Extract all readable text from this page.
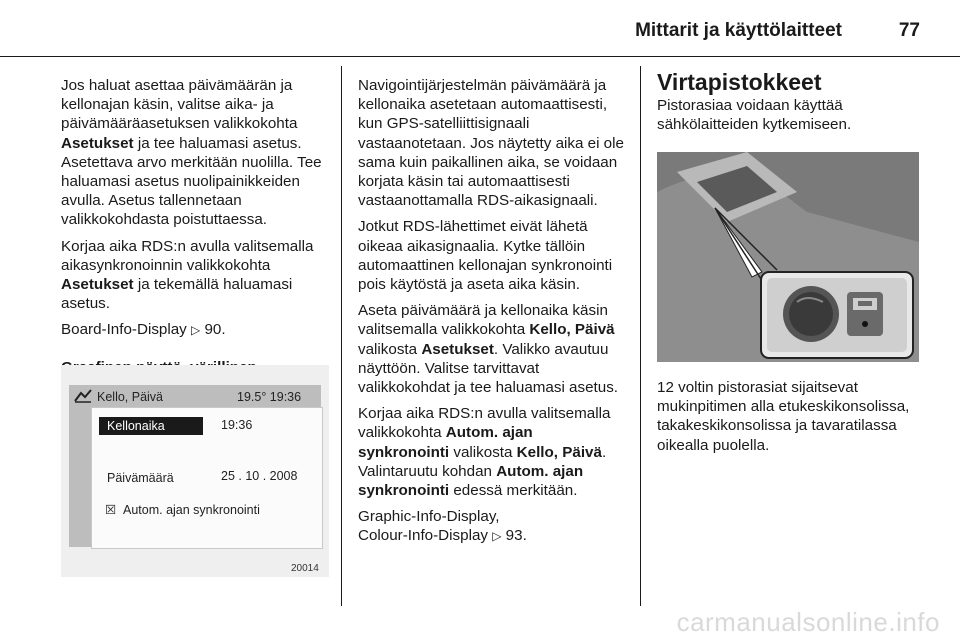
Mittarit ja käyttölaitteet	77

Jos haluat asettaa päivämäärän ja kellonajan käsin, valitse aika- ja päivämääräasetuksen valikkokohta Asetukset ja tee haluamasi asetus. Asetettava arvo merkitään nuolilla. Tee haluamasi asetus nuolipainikkeiden avulla. Asetus tallennetaan valikkokohdasta poistuttaessa.

Korjaa aika RDS:n avulla valitsemalla aikasynkronoinnin valikkokohta Asetukset ja tekemällä haluamasi asetus.

Board-Info-Display ▷ 90.

Kello, Päivä	19.5° 19:36
Kellonaika	19:36
Päivämäärä	25 . 10 . 2008
☒ Autom. ajan synkronointi
20014

Navigointijärjestelmän päivämäärä ja kellonaika asetetaan automaattisesti, kun GPS-satelliittisignaali vastaanotetaan. Jos näytetty aika ei ole sama kuin paikallinen aika, se voidaan korjata käsin tai automaattisesti vastaanottamalla RDS-aikasignaali.

Jotkut RDS-lähettimet eivät lähetä oikeaa aikasignaalia. Kytke tällöin automaattinen kellonajan synkronointi pois käytöstä ja aseta aika käsin.

Aseta päivämäärä ja kellonaika käsin valitsemalla valikkokohta Kello, Päivä valikosta Asetukset. Valikko avautuu näyttöön. Valitse tarvittavat valikkokohdat ja tee haluamasi asetus.

Korjaa aika RDS:n avulla valitsemalla valikkokohta Autom. ajan synkronointi valikosta Kello, Päivä. Valintaruutu kohdan Autom. ajan synkronointi edessä merkitään.

Graphic-Info-Display,
Colour-Info-Display ▷ 93.

Virtapistokkeet

Pistorasiaa voidaan käyttää sähkölaitteiden kytkemiseen.

12 voltin pistorasiat sijaitsevat mukinpitimen alla etukeskikonsolissa, takakeskikonsolissa ja tavaratilassa oikealla puolella.

carmanualsonline.info
